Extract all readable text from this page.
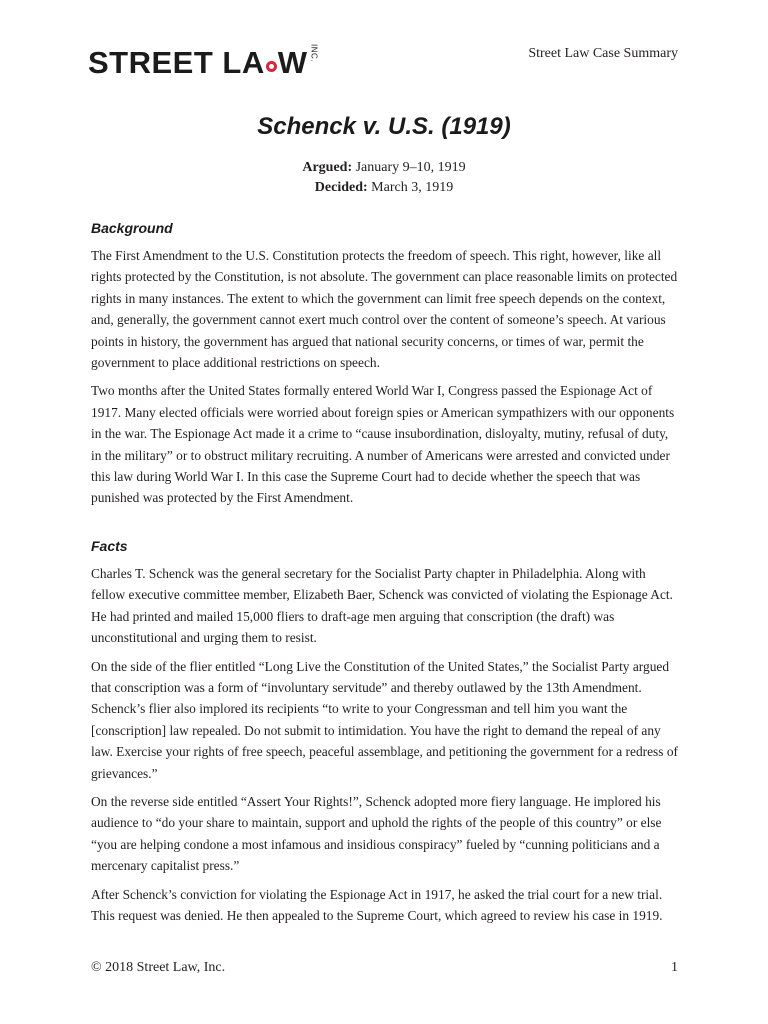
STREET LA W INC.	Street Law Case Summary
Schenck v. U.S. (1919)
Argued: January 9–10, 1919
Decided: March 3, 1919
Background

The First Amendment to the U.S. Constitution protects the freedom of speech. This right, however, like all rights protected by the Constitution, is not absolute. The government can place reasonable limits on protected rights in many instances. The extent to which the government can limit free speech depends on the context, and, generally, the government cannot exert much control over the content of someone’s speech. At various points in history, the government has argued that national security concerns, or times of war, permit the government to place additional restrictions on speech.

Two months after the United States formally entered World War I, Congress passed the Espionage Act of 1917. Many elected officials were worried about foreign spies or American sympathizers with our opponents in the war. The Espionage Act made it a crime to “cause insubordination, disloyalty, mutiny, refusal of duty, in the military” or to obstruct military recruiting. A number of Americans were arrested and convicted under this law during World War I. In this case the Supreme Court had to decide whether the speech that was punished was protected by the First Amendment.

Facts

Charles T. Schenck was the general secretary for the Socialist Party chapter in Philadelphia. Along with fellow executive committee member, Elizabeth Baer, Schenck was convicted of violating the Espionage Act. He had printed and mailed 15,000 fliers to draft-age men arguing that conscription (the draft) was unconstitutional and urging them to resist.

On the side of the flier entitled “Long Live the Constitution of the United States,” the Socialist Party argued that conscription was a form of “involuntary servitude” and thereby outlawed by the 13th Amendment. Schenck’s flier also implored its recipients “to write to your Congressman and tell him you want the [conscription] law repealed. Do not submit to intimidation. You have the right to demand the repeal of any law. Exercise your rights of free speech, peaceful assemblage, and petitioning the government for a redress of grievances.”

On the reverse side entitled “Assert Your Rights!”, Schenck adopted more fiery language. He implored his audience to “do your share to maintain, support and uphold the rights of the people of this country” or else “you are helping condone a most infamous and insidious conspiracy” fueled by “cunning politicians and a mercenary capitalist press.”

After Schenck’s conviction for violating the Espionage Act in 1917, he asked the trial court for a new trial. This request was denied. He then appealed to the Supreme Court, which agreed to review his case in 1919.

© 2018 Street Law, Inc.	1
